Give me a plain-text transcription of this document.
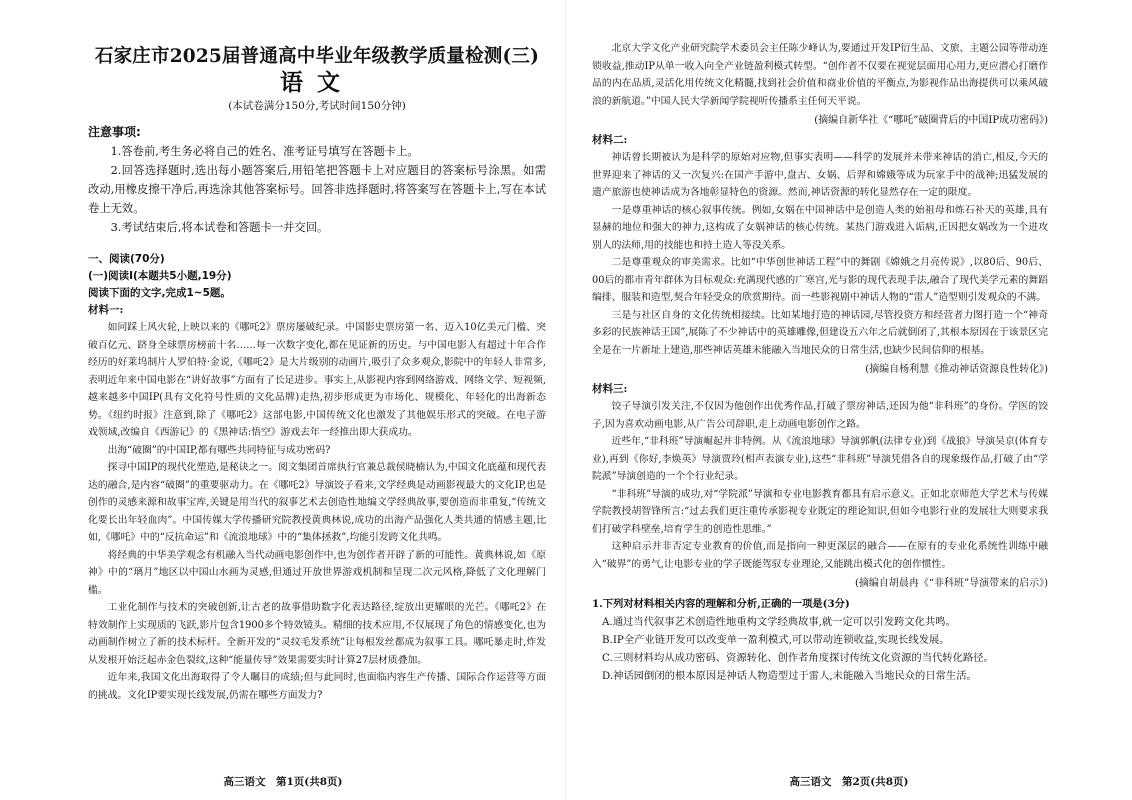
石家庄市2025届普通高中毕业年级教学质量检测(三)

语文

(本试卷满分150分,考试时间150分钟)

注意事项:

1.答卷前,考生务必将自己的姓名、准考证号填写在答题卡上。

2.回答选择题时,选出每小题答案后,用铅笔把答题卡上对应题目的答案标号涂黑。如需改动,用橡皮擦干净后,再选涂其他答案标号。回答非选择题时,将答案写在答题卡上,写在本试卷上无效。

3.考试结束后,将本试卷和答题卡一并交回。

一、阅读(70分)

(一)阅读Ⅰ(本题共5小题,19分)

阅读下面的文字,完成1~5题。

材料一:

如同踩上风火轮,上映以来的《哪吒2》票房屡破纪录。中国影史票房第一名、迈入10亿美元门槛、突破百亿元、跻身全球票房榜前十名……每一次数字变化,都在见证新的历史。与中国电影人有超过十年合作经历的好莱坞制片人罗伯特·金说,《哪吒2》是大片级别的动画片,吸引了众多观众,影院中的年轻人非常多,表明近年来中国电影在“讲好故事”方面有了长足进步。事实上,从影视内容到网络游戏、网络文学、短视频,越来越多中国IP(具有文化符号性质的文化品牌)走热,初步形成更为市场化、规模化、年轻化的出海新态势。《纽约时报》注意到,除了《哪吒2》这部电影,中国传统文化也激发了其他娱乐形式的突破。在电子游戏领域,改编自《西游记》的《黑神话:悟空》游戏去年一经推出即大获成功。

出海“破圈”的中国IP,都有哪些共同特征与成功密码?

探寻中国IP的现代化塑造,是秘诀之一。阅文集团首席执行官兼总裁侯晓楠认为,中国文化底蕴和现代表达的融合,是内容“破圈”的重要驱动力。在《哪吒2》导演饺子看来,文学经典是动画影视最大的文化IP,也是创作的灵感来源和故事宝库,关键是用当代的叙事艺术去创造性地编文学经典故事,要创造而非重复,“传统文化要长出年轻血肉”。中国传媒大学传播研究院教授黄典林说,成功的出海产品强化人类共通的情感主题,比如,《哪吒》中的“反抗命运”和《流浪地球》中的“集体拯救”,均能引发跨文化共鸣。

将经典的中华美学观念有机融入当代动画电影创作中,也为创作者开辟了新的可能性。黄典林说,如《原神》中的“璃月”地区以中国山水画为灵感,但通过开放世界游戏机制和呈现二次元风格,降低了文化理解门槛。

工业化制作与技术的突破创新,让古老的故事借助数字化表达路径,绽放出更耀眼的光芒。《哪吒2》在特效制作上实现质的飞跃,影片包含1900多个特效镜头。精细的技术应用,不仅展现了角色的情感变化,也为动画制作树立了新的技术标杆。全新开发的“灵纹毛发系统”让每根发丝都成为叙事工具。哪吒暴走时,炸发从发根开始泛起赤金色裂纹,这种“能量传导”效果需要实时计算27层材质叠加。

近年来,我国文化出海取得了令人瞩目的成绩;但与此同时,也面临内容生产传播、国际合作运营等方面的挑战。文化IP要实现长线发展,仍需在哪些方面发力?

高三语文　第1页(共8页)

北京大学文化产业研究院学术委员会主任陈少峰认为,要通过开发IP衍生品、文旅、主题公园等带动连锁收益,推动IP从单一收入向全产业链盈利模式转型。“创作者不仅要在视觉层面用心用力,更应潜心打磨作品的内在品质,灵活化用传统文化精髓,找到社会价值和商业价值的平衡点,为影视作品出海提供可以乘风破浪的新航道。”中国人民大学新闻学院视听传播系主任何天平说。

(摘编自新华社《“哪吒”破圈背后的中国IP成功密码》)

材料二:

神话曾长期被认为是科学的原始对应物,但事实表明——科学的发展并未带来神话的消亡,相反,今天的世界迎来了神话的又一次复兴:在国产手游中,盘古、女娲、后羿和嫦娥等成为玩家手中的战神;迅猛发展的遗产旅游也使神话成为各地彰显特色的资源。然而,神话资源的转化显然存在一定的限度。

一是尊重神话的核心叙事传统。例如,女娲在中国神话中是创造人类的始祖母和炼石补天的英雄,具有显赫的地位和强大的神力,这构成了女娲神话的核心传统。某热门游戏进入诟病,正因把女娲改为一个进攻别人的法师,用的技能也和持土造人等没关系。

二是尊重观众的审美需求。比如“中华创世神话工程”中的舞剧《嫦娥之月亮传说》,以80后、90后、00后的都市青年群体为目标观众:充满现代感的广寒宫,光与影的现代表现手法,融合了现代美学元素的舞蹈编排、服装和造型,契合年轻受众的欣赏期待。而一些影视剧中神话人物的“雷人”造型则引发观众的不满。

三是与社区自身的文化传统相接续。比如某地打造的神话园,尽管投资方和经营者力图打造一个“神奇多彩的民族神话王国”,展陈了不少神话中的英雄雕像,但建设五六年之后就倒闭了,其根本原因在于该景区完全是在一片新址上建造,那些神话英雄未能融入当地民众的日常生活,也缺少民间信仰的根基。

(摘编自杨利慧《推动神话资源良性转化》)

材料三:

饺子导演引发关注,不仅因为他创作出优秀作品,打破了票房神话,还因为他“非科班”的身份。学医的饺子,因为喜欢动画电影,从广告公司辞职,走上动画电影创作之路。

近些年,“非科班”导演崛起并非特例。从《流浪地球》导演郭帆(法律专业)到《战狼》导演吴京(体育专业),再到《你好,李焕英》导演贾玲(相声表演专业),这些“非科班”导演凭借各自的现象级作品,打破了由“学院派”导演创造的一个个行业纪录。

“非科班”导演的成功,对“学院派”导演和专业电影教育都具有启示意义。正如北京师范大学艺术与传媒学院教授胡智锋所言:“过去我们更注重传承影视专业既定的理论知识,但如今电影行业的发展壮大则要求我们打破学科壁垒,培育学生的创造性思维。”

这种启示并非否定专业教育的价值,而是指向一种更深层的融合——在原有的专业化系统性训练中融入“破界”的勇气,让电影专业的学子既能驾驭专业理论,又能跳出模式化的创作惯性。

(摘编自胡晨冉《“非科班”导演带来的启示》)

1.下列对材料相关内容的理解和分析,正确的一项是(3分)

A.通过当代叙事艺术创造性地重构文学经典故事,就一定可以引发跨文化共鸣。

B.IP全产业链开发可以改变单一盈利模式,可以带动连锁收益,实现长线发展。

C.三则材料均从成功密码、资源转化、创作者角度探讨传统文化资源的当代转化路径。

D.神话园倒闭的根本原因是神话人物造型过于雷人,未能融入当地民众的日常生活。

高三语文　第2页(共8页)
